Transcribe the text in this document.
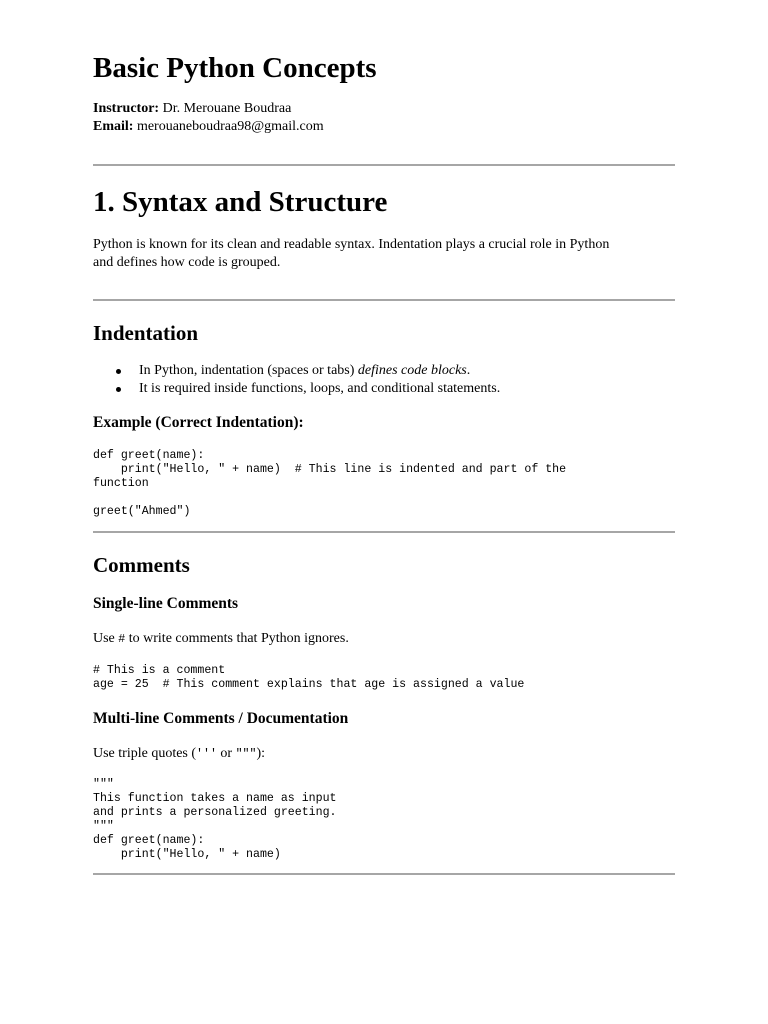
Basic Python Concepts
Instructor: Dr. Merouane Boudraa
Email: merouaneboudraa98@gmail.com
1. Syntax and Structure
Python is known for its clean and readable syntax. Indentation plays a crucial role in Python
and defines how code is grouped.
Indentation
In Python, indentation (spaces or tabs) defines code blocks.
It is required inside functions, loops, and conditional statements.
Example (Correct Indentation):
def greet(name):
print("Hello, " + name)  # This line is indented and part of the
function

greet("Ahmed")
Comments
Single-line Comments
Use # to write comments that Python ignores.
# This is a comment
age = 25  # This comment explains that age is assigned a value
Multi-line Comments / Documentation
Use triple quotes (''' or """):
"""
This function takes a name as input
and prints a personalized greeting.
"""
def greet(name):
print("Hello, " + name)
